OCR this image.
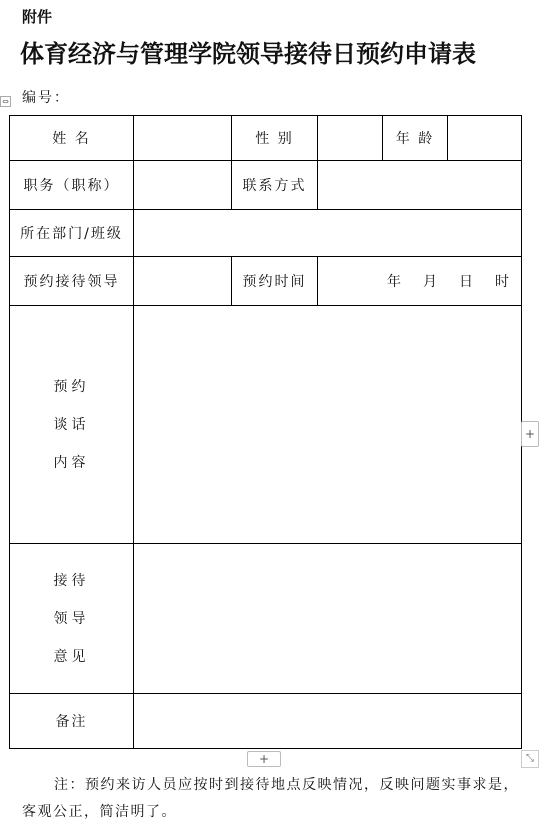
附件
体育经济与管理学院领导接待日预约申请表
⇔ 编号：
姓 名		性 别		年 龄	
职务（职称）		联系方式			
所在部门/班级					
预约接待领导		预约时间	年 月 日 时		

预约
谈话
内容					

接待
领导
意见					

备注					
+
+	⤡
注：预约来访人员应按时到接待地点反映情况，反映问题实事求是，客观公正，简洁明了。
